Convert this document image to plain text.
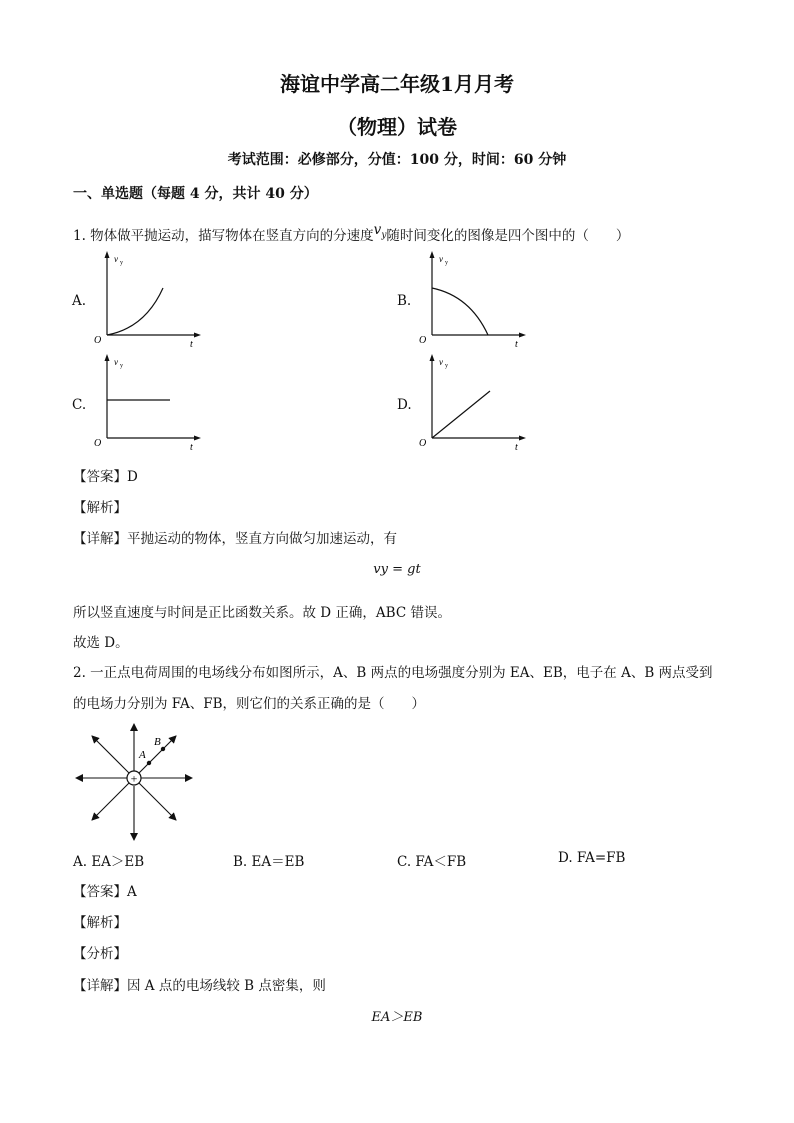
海谊中学高二年级1月月考
（物理）试卷
考试范围：必修部分，分值：100 分，时间：60 分钟
一、单选题（每题 4 分，共计 40 分）
1. 物体做平抛运动，描写物体在竖直方向的分速度$v_y$随时间变化的图像是四个图中的（　　）
A.	B.
C.	D.
v y
O	t
v y
O	t
v y
O	t
v y
O	t
【答案】D
【解析】
【详解】平抛运动的物体，竖直方向做匀加速运动，有
vy = gt
所以竖直速度与时间是正比函数关系。故 D 正确，ABC 错误。
故选 D。
2. 一正点电荷周围的电场线分布如图所示，A、B 两点的电场强度分别为 EA、EB，电子在 A、B 两点受到
的电场力分别为 FA、FB，则它们的关系正确的是（　　）
+
A
B
A. EA＞EB	B. EA＝EB	C. FA＜FB	D. FA=FB
【答案】A
【解析】
【分析】
【详解】因 A 点的电场线较 B 点密集，则
EA＞EB
